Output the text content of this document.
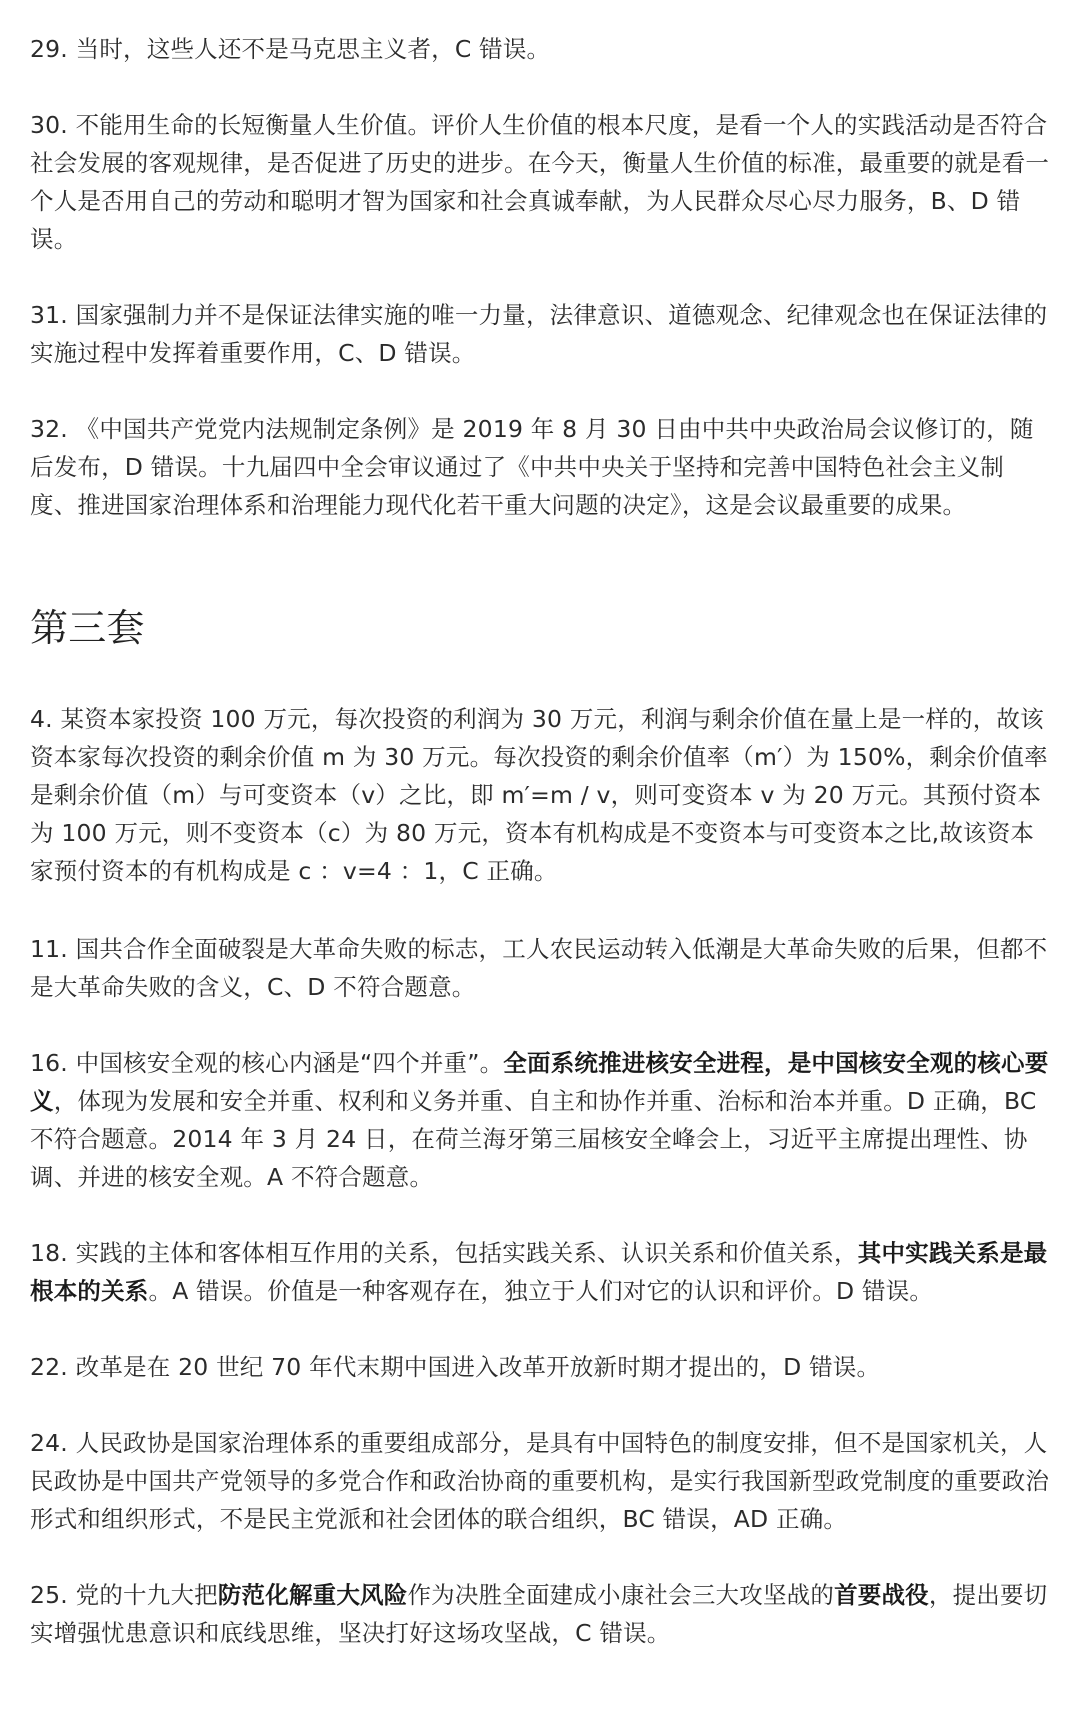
29. 当时，这些人还不是马克思主义者，C 错误。

30. 不能用生命的长短衡量人生价值。评价人生价值的根本尺度，是看一个人的实践活动是否符合社会发展的客观规律，是否促进了历史的进步。在今天，衡量人生价值的标准，最重要的就是看一个人是否用自己的劳动和聪明才智为国家和社会真诚奉献，为人民群众尽心尽力服务，B、D 错误。

31. 国家强制力并不是保证法律实施的唯一力量，法律意识、道德观念、纪律观念也在保证法律的实施过程中发挥着重要作用，C、D 错误。

32. 《中国共产党党内法规制定条例》是 2019 年 8 月 30 日由中共中央政治局会议修订的，随后发布，D 错误。十九届四中全会审议通过了《中共中央关于坚持和完善中国特色社会主义制度、推进国家治理体系和治理能力现代化若干重大问题的决定》，这是会议最重要的成果。

第三套

4. 某资本家投资 100 万元，每次投资的利润为 30 万元，利润与剩余价值在量上是一样的，故该资本家每次投资的剩余价值 m 为 30 万元。每次投资的剩余价值率（m′）为 150%，剩余价值率是剩余价值（m）与可变资本（v）之比，即 m′=m / v，则可变资本 v 为 20 万元。其预付资本为 100 万元，则不变资本（c）为 80 万元，资本有机构成是不变资本与可变资本之比,故该资本家预付资本的有机构成是 c ：v=4 ：1，C 正确。

11. 国共合作全面破裂是大革命失败的标志，工人农民运动转入低潮是大革命失败的后果，但都不是大革命失败的含义，C、D 不符合题意。

16. 中国核安全观的核心内涵是“四个并重”。全面系统推进核安全进程，是中国核安全观的核心要义，体现为发展和安全并重、权利和义务并重、自主和协作并重、治标和治本并重。D 正确，BC 不符合题意。2014 年 3 月 24 日，在荷兰海牙第三届核安全峰会上，习近平主席提出理性、协调、并进的核安全观。A 不符合题意。

18. 实践的主体和客体相互作用的关系，包括实践关系、认识关系和价值关系，其中实践关系是最根本的关系。A 错误。价值是一种客观存在，独立于人们对它的认识和评价。D 错误。

22. 改革是在 20 世纪 70 年代末期中国进入改革开放新时期才提出的，D 错误。

24. 人民政协是国家治理体系的重要组成部分，是具有中国特色的制度安排，但不是国家机关，人民政协是中国共产党领导的多党合作和政治协商的重要机构，是实行我国新型政党制度的重要政治形式和组织形式，不是民主党派和社会团体的联合组织，BC 错误，AD 正确。

25. 党的十九大把防范化解重大风险作为决胜全面建成小康社会三大攻坚战的首要战役，提出要切实增强忧患意识和底线思维，坚决打好这场攻坚战，C 错误。
